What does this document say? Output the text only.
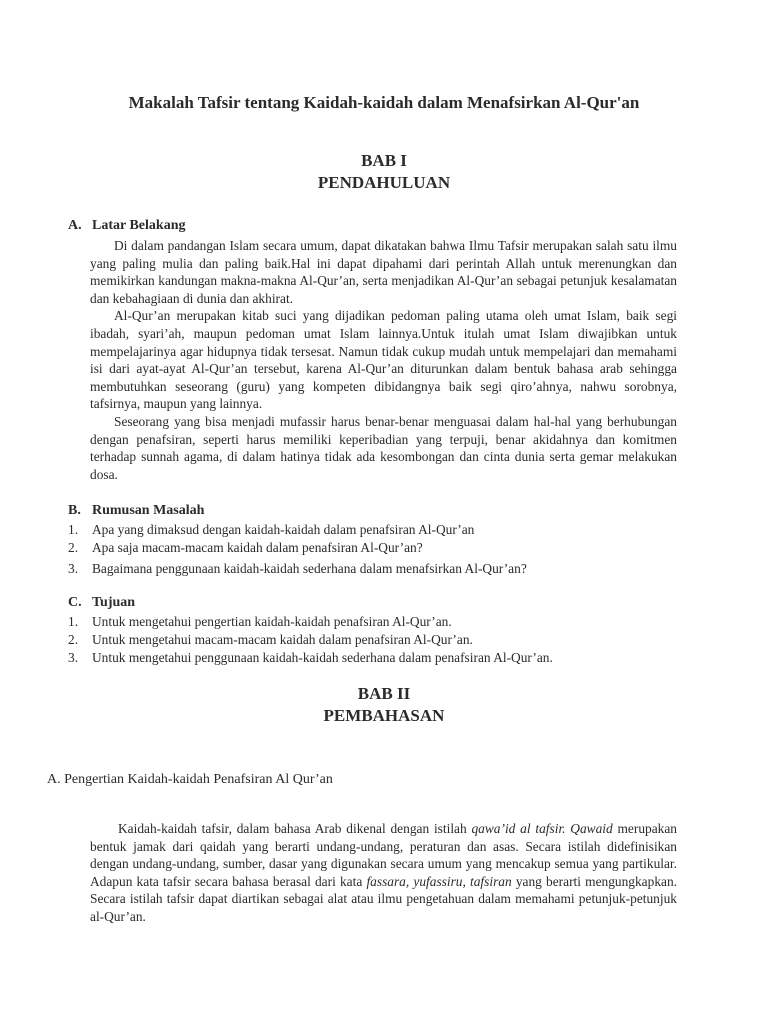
Makalah Tafsir tentang Kaidah-kaidah dalam Menafsirkan Al-Qur'an
BAB I
PENDAHULUAN
A. Latar Belakang

Di dalam pandangan Islam secara umum, dapat dikatakan bahwa Ilmu Tafsir merupakan salah satu ilmu yang paling mulia dan paling baik.Hal ini dapat dipahami dari perintah Allah untuk merenungkan dan memikirkan kandungan makna-makna Al-Qur’an, serta menjadikan Al-Qur’an sebagai petunjuk kesalamatan dan kebahagiaan di dunia dan akhirat.

Al-Qur’an merupakan kitab suci yang dijadikan pedoman paling utama oleh umat Islam, baik segi ibadah, syari’ah, maupun pedoman umat Islam lainnya.Untuk itulah umat Islam diwajibkan untuk mempelajarinya agar hidupnya tidak tersesat. Namun tidak cukup mudah untuk mempelajari dan memahami isi dari ayat-ayat Al-Qur’an tersebut, karena Al-Qur’an diturunkan dalam bentuk bahasa arab sehingga membutuhkan seseorang (guru) yang kompeten dibidangnya baik segi qiro’ahnya, nahwu sorobnya, tafsirnya, maupun yang lainnya.

Seseorang yang bisa menjadi mufassir harus benar-benar menguasai dalam hal-hal yang berhubungan dengan penafsiran, seperti harus memiliki keperibadian yang terpuji, benar akidahnya dan komitmen terhadap sunnah agama, di dalam hatinya tidak ada kesombongan dan cinta dunia serta gemar melakukan dosa.

B. Rumusan Masalah
1.	Apa yang dimaksud dengan kaidah-kaidah dalam penafsiran Al-Qur’an
2.	Apa saja macam-macam kaidah dalam penafsiran Al-Qur’an?
3.	Bagaimana penggunaan kaidah-kaidah sederhana dalam menafsirkan Al-Qur’an?
C. Tujuan
1.	Untuk mengetahui pengertian kaidah-kaidah penafsiran Al-Qur’an.
2.	Untuk mengetahui macam-macam kaidah dalam penafsiran Al-Qur’an.
3.	Untuk mengetahui penggunaan kaidah-kaidah sederhana dalam penafsiran Al-Qur’an.
BAB II
PEMBAHASAN
A. Pengertian Kaidah-kaidah Penafsiran Al Qur’an

Kaidah-kaidah tafsir, dalam bahasa Arab dikenal dengan istilah qawa’id al tafsir. Qawaid merupakan bentuk jamak dari qaidah yang berarti undang-undang, peraturan dan asas. Secara istilah didefinisikan dengan undang-undang, sumber, dasar yang digunakan secara umum yang mencakup semua yang partikular. Adapun kata tafsir secara bahasa berasal dari kata fassara, yufassiru, tafsiran yang berarti mengungkapkan. Secara istilah tafsir dapat diartikan sebagai alat atau ilmu pengetahuan dalam memahami petunjuk-petunjuk al-Qur’an.
